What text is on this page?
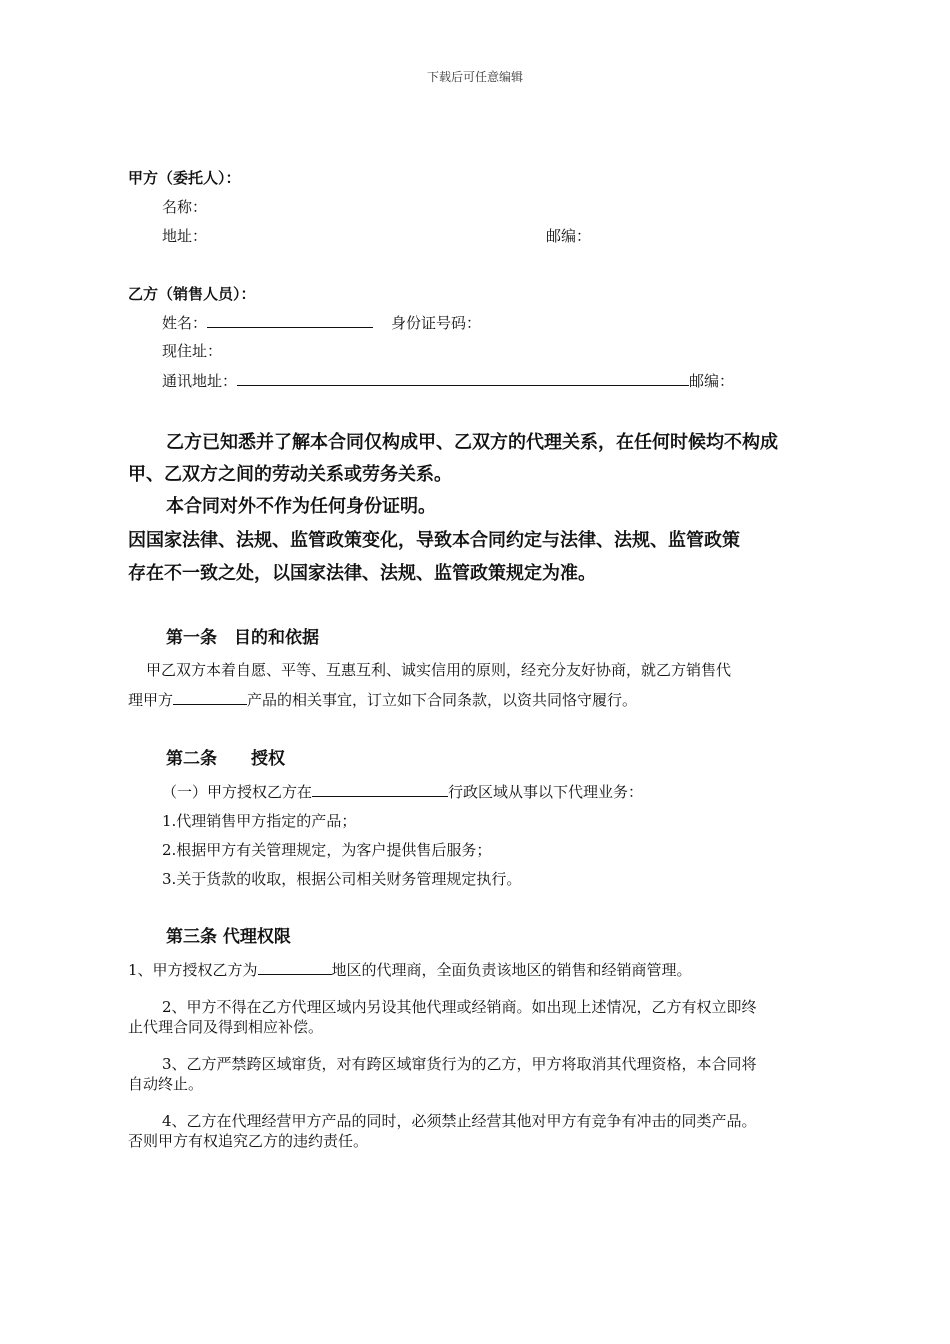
下载后可任意编辑
甲方（委托人）：
名称：
地址：	邮编：
乙方（销售人员）：
姓名：	身份证号码：
现住址：
通讯地址：	邮编：
乙方已知悉并了解本合同仅构成甲、乙双方的代理关系，在任何时候均不构成
甲、乙双方之间的劳动关系或劳务关系。
本合同对外不作为任何身份证明。
因国家法律、法规、监管政策变化，导致本合同约定与法律、法规、监管政策
存在不一致之处，以国家法律、法规、监管政策规定为准。
第一条　目的和依据
甲乙双方本着自愿、平等、互惠互利、诚实信用的原则，经充分友好协商，就乙方销售代
理甲方	产品的相关事宜，订立如下合同条款，以资共同恪守履行。
第二条　　授权
（一）甲方授权乙方在	行政区域从事以下代理业务：
1.代理销售甲方指定的产品；
2.根据甲方有关管理规定，为客户提供售后服务；
3.关于货款的收取，根据公司相关财务管理规定执行。
第三条 代理权限
1、甲方授权乙方为	地区的代理商，全面负责该地区的销售和经销商管理。
2、甲方不得在乙方代理区域内另设其他代理或经销商。如出现上述情况，乙方有权立即终
止代理合同及得到相应补偿。
3、乙方严禁跨区域窜货，对有跨区域窜货行为的乙方，甲方将取消其代理资格，本合同将
自动终止。
4、乙方在代理经营甲方产品的同时，必须禁止经营其他对甲方有竞争有冲击的同类产品。
否则甲方有权追究乙方的违约责任。
